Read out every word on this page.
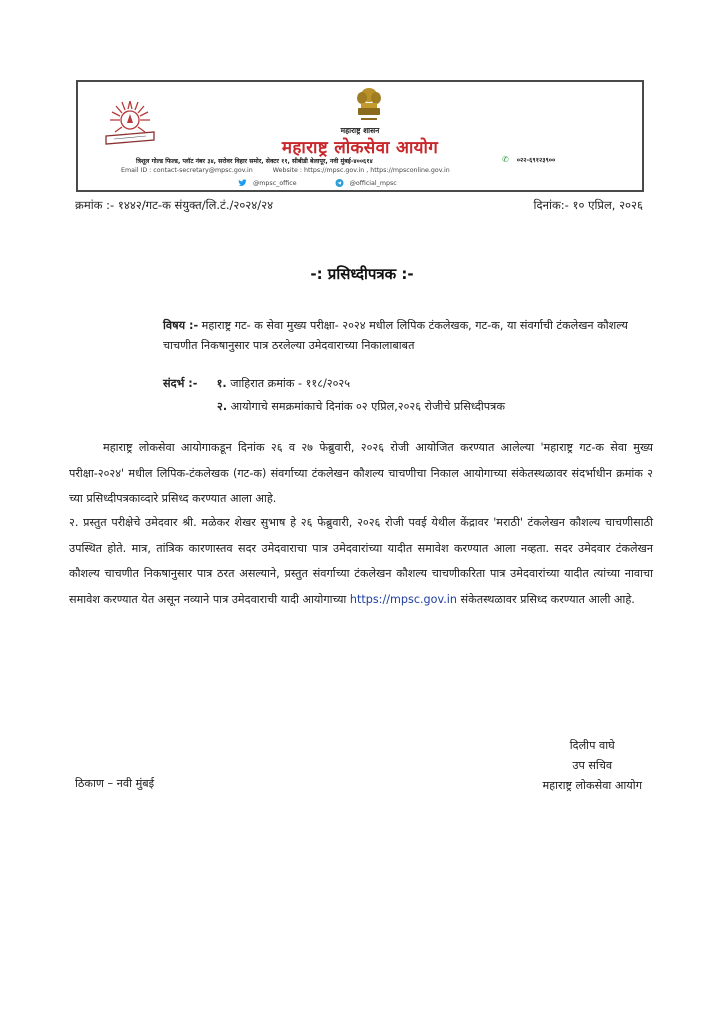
महाराष्ट्र शासन
महाराष्ट्र लोकसेवा आयोग
त्रिशूल गोल्ड फिल्ड, प्लॉट नंबर ३४, सरोवर विहार समोर, सेक्टर ११, सीबीडी बेलापूर, नवी मुंबई-४००६१४	✆ ०२२-६९१२३९००
Email ID : contact-secretary@mpsc.gov.in	Website : https://mpsc.gov.in , https://mpsconline.gov.in
@mpsc_office	@official_mpsc
क्रमांक :- १४४२/गट-क संयुक्त/लि.टं./२०२४/२४	दिनांक:- १० एप्रिल, २०२६
-: प्रसिध्दीपत्रक :-
विषय :- महाराष्ट्र गट- क सेवा मुख्य परीक्षा- २०२४ मधील लिपिक टंकलेखक, गट-क, या संवर्गाची टंकलेखन कौशल्य चाचणीत निकषानुसार पात्र ठरलेल्या उमेदवाराच्या निकालाबाबत
संदर्भ :- १. जाहिरात क्रमांक - ११८/२०२५
२. आयोगाचे समक्रमांकाचे दिनांक ०२ एप्रिल,२०२६ रोजीचे प्रसिध्दीपत्रक
महाराष्ट्र लोकसेवा आयोगाकडून दिनांक २६ व २७ फेब्रुवारी, २०२६ रोजी आयोजित करण्यात आलेल्या 'महाराष्ट्र गट-क सेवा मुख्य परीक्षा-२०२४' मधील लिपिक-टंकलेखक (गट-क) संवर्गाच्या टंकलेखन कौशल्य चाचणीचा निकाल आयोगाच्या संकेतस्थळावर संदर्भाधीन क्रमांक २ च्या प्रसिध्दीपत्रकाव्दारे प्रसिध्द करण्यात आला आहे.
२. प्रस्तुत परीक्षेचे उमेदवार श्री. मळेकर शेखर सुभाष हे २६ फेब्रुवारी, २०२६ रोजी पवई येथील केंद्रावर 'मराठी' टंकलेखन कौशल्य चाचणीसाठी उपस्थित होते. मात्र, तांत्रिक कारणास्तव सदर उमेदवाराचा पात्र उमेदवारांच्या यादीत समावेश करण्यात आला नव्हता. सदर उमेदवार टंकलेखन कौशल्य चाचणीत निकषानुसार पात्र ठरत असल्याने, प्रस्तुत संवर्गाच्या टंकलेखन कौशल्य चाचणीकरिता पात्र उमेदवारांच्या यादीत त्यांच्या नावाचा समावेश करण्यात येत असून नव्याने पात्र उमेदवाराची यादी आयोगाच्या https://mpsc.gov.in संकेतस्थळावर प्रसिध्द करण्यात आली आहे.
दिलीप वाघे
उप सचिव
महाराष्ट्र लोकसेवा आयोग
ठिकाण – नवी मुंबई
